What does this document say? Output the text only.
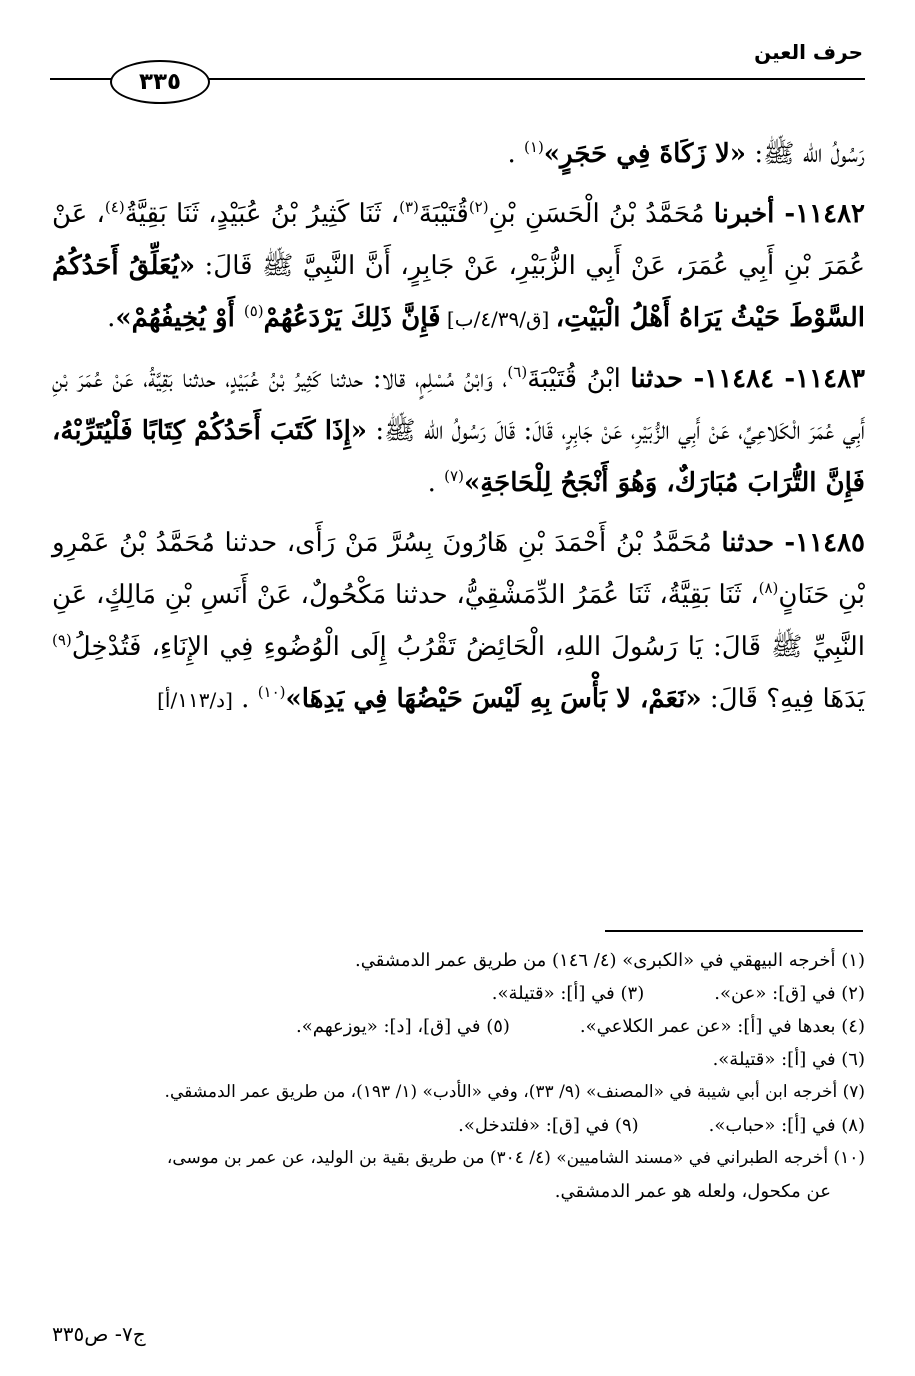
حرف العين
٣٣٥

رَسُولُ الله ﷺ: «لا زَكَاةَ فِي حَجَرٍ»$^{(١)}$ .

١١٤٨٢- أخبرنا مُحَمَّدُ بْنُ الْحَسَنِ بْنِ$^{(٢)}$قُتَيْبَةَ$^{(٣)}$، ثَنَا كَثِيرُ بْنُ عُبَيْدٍ، ثَنَا بَقِيَّةُ$^{(٤)}$، عَنْ عُمَرَ بْنِ أَبِي عُمَرَ، عَنْ أَبِي الزُّبَيْرِ، عَنْ جَابِرٍ، أَنَّ النَّبِيَّ ﷺ قَالَ: «يُعَلِّقُ أَحَدُكُمُ السَّوْطَ حَيْثُ يَرَاهُ أَهْلُ الْبَيْتِ، [ق/٤/٣٩/ب] فَإِنَّ ذَلِكَ يَرْدَعُهُمْ$^{(٥)}$ أَوْ يُخِيفُهُمْ».

١١٤٨٣- ١١٤٨٤- حدثنا ابْنُ قُتَيْبَةَ$^{(٦)}$، وَابْنُ مُسْلِمٍ، قالا: حدثنا كَثِيرُ بْنُ عُبَيْدٍ، حدثنا بَقِيَّةُ، عَنْ عُمَرَ بْنِ أَبِي عُمَرَ الْكَلاعِيِّ، عَنْ أَبِي الزُّبَيْرِ، عَنْ جَابِرٍ، قَالَ: قَالَ رَسُولُ الله ﷺ: «إِذَا كَتَبَ أَحَدُكُمْ كِتَابًا فَلْيُتَرِّبْهُ، فَإِنَّ التُّرَابَ مُبَارَكٌ، وَهُوَ أَنْجَحُ لِلْحَاجَةِ»$^{(٧)}$ .

١١٤٨٥- حدثنا مُحَمَّدُ بْنُ أَحْمَدَ بْنِ هَارُونَ بِسُرَّ مَنْ رَأَى، حدثنا مُحَمَّدُ بْنُ عَمْرِو بْنِ حَنَانٍ$^{(٨)}$، ثَنَا بَقِيَّةُ، ثَنَا عُمَرُ الدِّمَشْقِيُّ، حدثنا مَكْحُولٌ، عَنْ أَنَسِ بْنِ مَالِكٍ، عَنِ النَّبِيِّ ﷺ قَالَ: يَا رَسُولَ اللهِ، الْحَائِضُ تَقْرُبُ إِلَى الْوُضُوءِ فِي الإِنَاءِ، فَتُدْخِلُ$^{(٩)}$ يَدَهَا فِيهِ؟ قَالَ: «نَعَمْ، لا بَأْسَ بِهِ لَيْسَ حَيْضُهَا فِي يَدِهَا»$^{(١٠)}$ . [د/١١٣/أ]

(١) أخرجه البيهقي في «الكبرى» (٤/ ١٤٦) من طريق عمر الدمشقي.
(٢) في [ق]: «عن».(٣) في [أ]: «قتيلة».
(٤) بعدها في [أ]: «عن عمر الكلاعي».(٥) في [ق]، [د]: «يوزعهم».
(٦) في [أ]: «قتيلة».
(٧) أخرجه ابن أبي شيبة في «المصنف» (٩/ ٣٣)، وفي «الأدب» (١/ ١٩٣)، من طريق عمر الدمشقي.
(٨) في [أ]: «حباب».(٩) في [ق]: «فلتدخل».
(١٠) أخرجه الطبراني في «مسند الشاميين» (٤/ ٣٠٤) من طريق بقية بن الوليد، عن عمر بن موسى،
عن مكحول، ولعله هو عمر الدمشقي.
ج٧- ص٣٣٥
